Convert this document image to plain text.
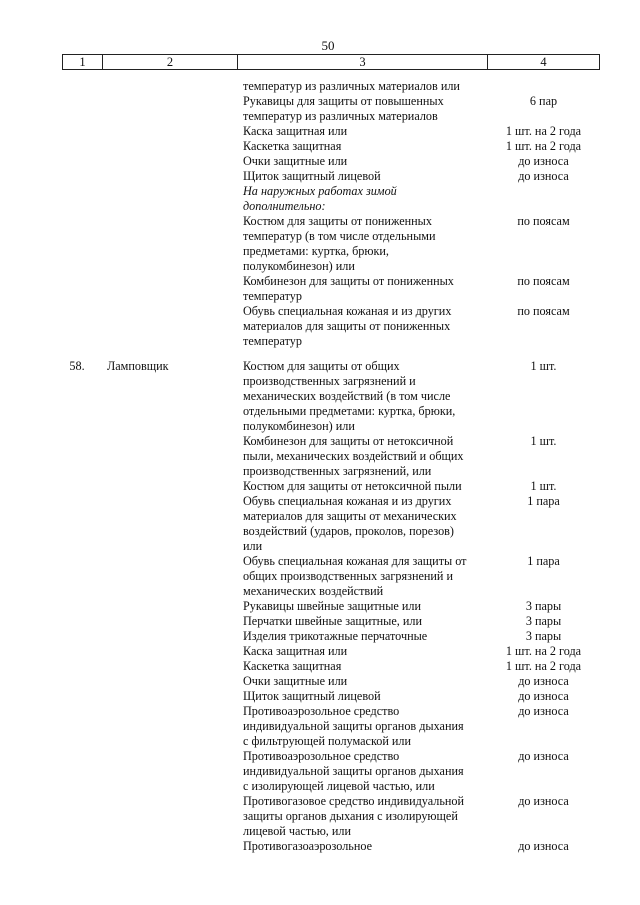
50
1	2	3	4
температур из различных материалов или
Рукавицы для защиты от повышенных	6 пар
температур из различных материалов
Каска защитная или	1 шт. на 2 года
Каскетка защитная	1 шт. на 2 года
Очки защитные или	до износа
Щиток защитный лицевой	до износа
На наружных работах зимой
дополнительно:
Костюм для защиты от пониженных	по поясам
температур (в том числе отдельными
предметами: куртка, брюки,
полукомбинезон) или
Комбинезон для защиты от пониженных	по поясам
температур
Обувь специальная кожаная и из других	по поясам
материалов для защиты от пониженных
температур
58.	Ламповщик	Костюм для защиты от общих	1 шт.
производственных загрязнений и
механических воздействий (в том числе
отдельными предметами: куртка, брюки,
полукомбинезон) или
Комбинезон для защиты от нетоксичной	1 шт.
пыли, механических воздействий и общих
производственных загрязнений, или
Костюм для защиты от нетоксичной пыли	1 шт.
Обувь специальная кожаная и из других	1 пара
материалов для защиты от механических
воздействий (ударов, проколов, порезов)
или
Обувь специальная кожаная для защиты от	1 пара
общих производственных загрязнений и
механических воздействий
Рукавицы швейные защитные или	3 пары
Перчатки швейные защитные, или	3 пары
Изделия трикотажные перчаточные	3 пары
Каска защитная или	1 шт. на 2 года
Каскетка защитная	1 шт. на 2 года
Очки защитные или	до износа
Щиток защитный лицевой	до износа
Противоаэрозольное средство	до износа
индивидуальной защиты органов дыхания
с фильтрующей полумаской или
Противоаэрозольное средство	до износа
индивидуальной защиты органов дыхания
с изолирующей лицевой частью, или
Противогазовое средство индивидуальной	до износа
защиты органов дыхания с изолирующей
лицевой частью, или
Противогазоаэрозольное	до износа
